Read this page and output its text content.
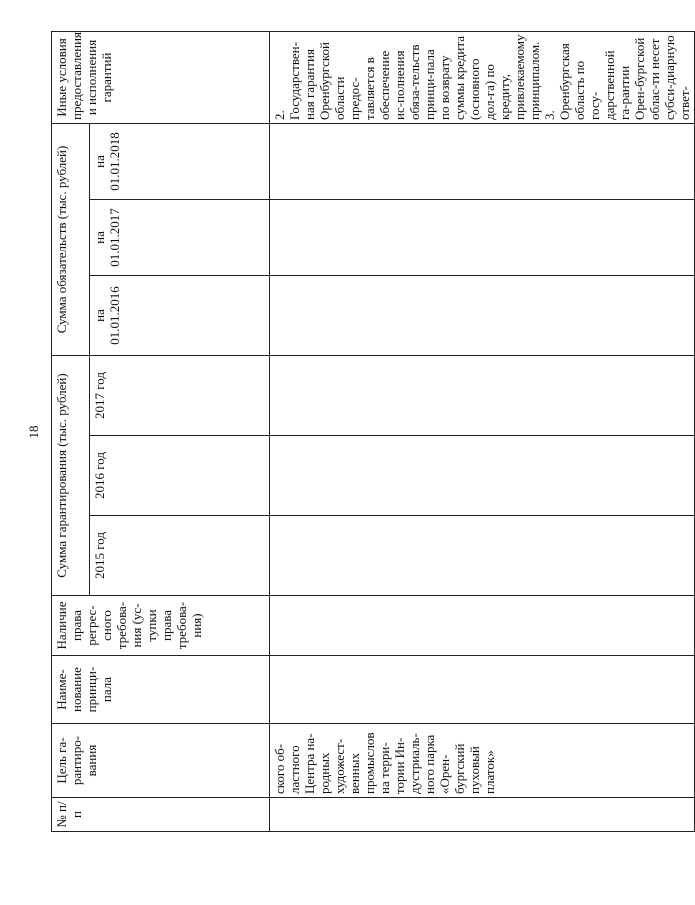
18
№ п/п	Цель га-рантиро-вания	Наиме-нование принци-пала	Наличие права регрес-сного требова-ния (ус-тупки права требова-ния)	Сумма гарантирования (тыс. рублей)			Сумма обязательств (тыс. рублей)			Иные условия предоставления и исполнения гарантий
				2015 год	2016 год	2017 год	на 01.01.2016	на 01.01.2017	на 01.01.2018	
	ского об-ластного Центра на-родных художест-венных промыслов на терри-тории Ин-дустриаль-ного парка «Орен-бургский пуховый платок»									2. Государствен-ная гарантия Оренбургской области предос-тавляется в обеспечение ис-полнения обяза-тельств принци-пала по возврату суммы кредита (основного дол-га) по кредиту, привлекаемому принципалом. 3. Оренбургская область по госу-дарственной га-рантии Орен-бургской облас-ти несет субси-диарную ответ-
